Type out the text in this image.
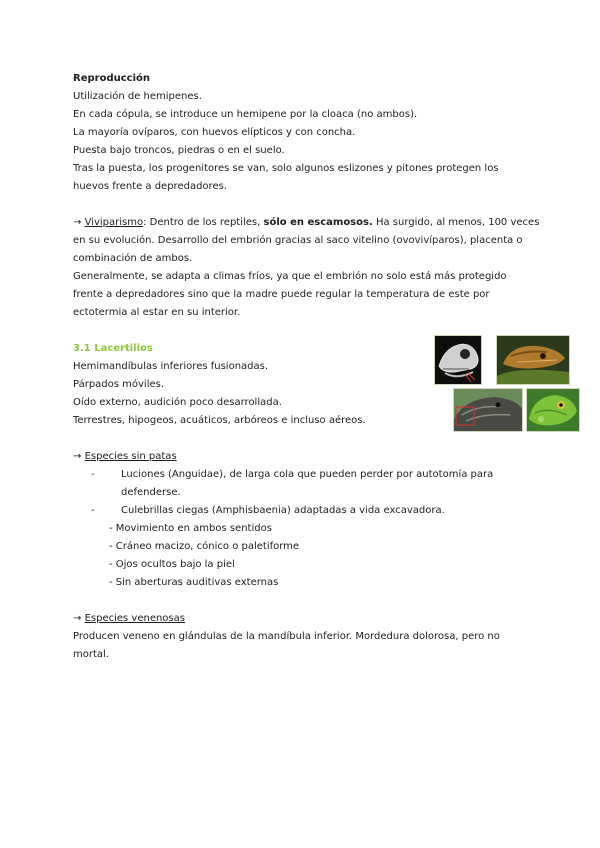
Reproducción
Utilización de hemipenes.
En cada cópula, se introduce un hemipene por la cloaca (no ambos).
La mayoría ovíparos, con huevos elípticos y con concha.
Puesta bajo troncos, piedras o en el suelo.
Tras la puesta, los progenitores se van, solo algunos eslizones y pitones protegen los
huevos frente a depredadores.
→ Viviparismo: Dentro de los reptiles, sólo en escamosos. Ha surgido, al menos, 100 veces
en su evolución. Desarrollo del embrión gracias al saco vitelino (ovovivíparos), placenta o
combinación de ambos.
Generalmente, se adapta a climas fríos, ya que el embrión no solo está más protegido
frente a depredadores sino que la madre puede regular la temperatura de este por
ectotermia al estar en su interior.
3.1 Lacertilios
Hemimandíbulas inferiores fusionadas.
Párpados móviles.
Oído externo, audición poco desarrollada.
Terrestres, hipogeos, acuáticos, arbóreos e incluso aéreos.
→ Especies sin patas
-	Luciones (Anguidae), de larga cola que pueden perder por autotomía para defenderse.
-	Culebrillas ciegas (Amphisbaenia) adaptadas a vida excavadora.
- Movimiento en ambos sentidos
- Cráneo macizo, cónico o paletiforme
- Ojos ocultos bajo la piel
- Sin aberturas auditivas externas
→ Especies venenosas
Producen veneno en glándulas de la mandíbula inferior. Mordedura dolorosa, pero no
mortal.
